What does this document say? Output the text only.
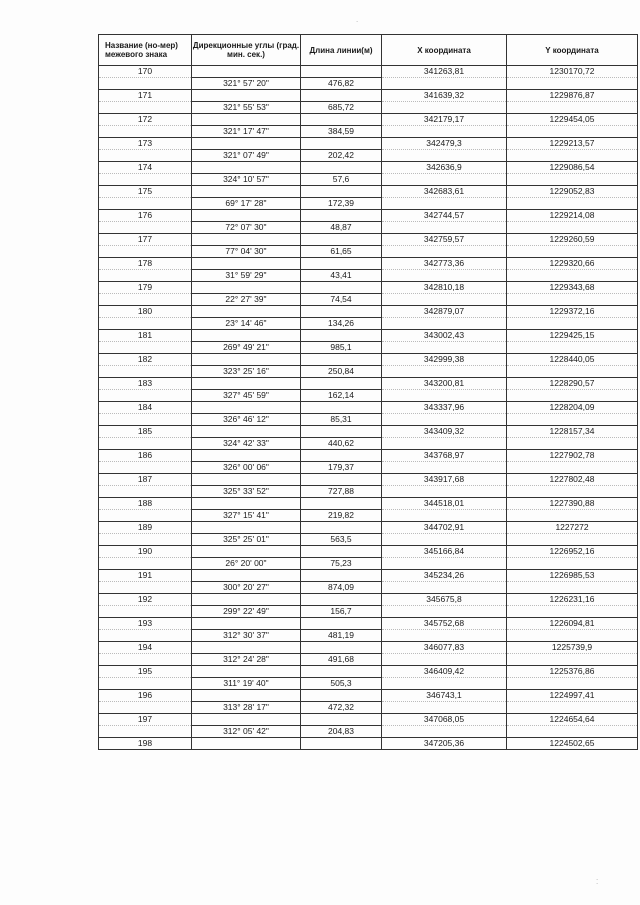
Название (но-мер) межевого знака	Дирекционные углы (град. мин. сек.)	Длина линии(м)	Х координата	Y координата
170			341263,81	1230170,72
	321° 57' 20"	476,82		
171			341639,32	1229876,87
	321° 55' 53"	685,72		
172			342179,17	1229454,05
	321° 17' 47"	384,59		
173			342479,3	1229213,57
	321° 07' 49"	202,42		
174			342636,9	1229086,54
	324° 10' 57"	57,6		
175			342683,61	1229052,83
	69° 17' 28"	172,39		
176			342744,57	1229214,08
	72° 07' 30"	48,87		
177			342759,57	1229260,59
	77° 04' 30"	61,65		
178			342773,36	1229320,66
	31° 59' 29"	43,41		
179			342810,18	1229343,68
	22° 27' 39"	74,54		
180			342879,07	1229372,16
	23° 14' 46"	134,26		
181			343002,43	1229425,15
	269° 49' 21"	985,1		
182			342999,38	1228440,05
	323° 25' 16"	250,84		
183			343200,81	1228290,57
	327° 45' 59"	162,14		
184			343337,96	1228204,09
	326° 46' 12"	85,31		
185			343409,32	1228157,34
	324° 42' 33"	440,62		
186			343768,97	1227902,78
	326° 00' 06"	179,37		
187			343917,68	1227802,48
	325° 33' 52"	727,88		
188			344518,01	1227390,88
	327° 15' 41"	219,82		
189			344702,91	1227272
	325° 25' 01"	563,5		
190			345166,84	1226952,16
	26° 20' 00"	75,23		
191			345234,26	1226985,53
	300° 20' 27"	874,09		
192			345675,8	1226231,16
	299° 22' 49"	156,7		
193			345752,68	1226094,81
	312° 30' 37"	481,19		
194			346077,83	1225739,9
	312° 24' 28"	491,68		
195			346409,42	1225376,86
	311° 19' 40"	505,3		
196			346743,1	1224997,41
	313° 28' 17"	472,32		
197			347068,05	1224654,64
	312° 05' 42"	204,83		
198			347205,36	1224502,65
·
⁚
